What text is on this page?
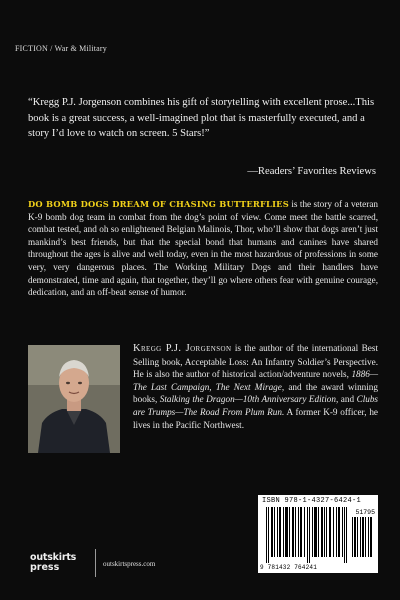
FICTION / War & Military
“Kregg P.J. Jorgenson combines his gift of storytelling with excellent prose...This book is a great success, a well-imagined plot that is masterfully executed, and a story I’d love to watch on screen. 5 Stars!”
—Readers’ Favorites Reviews
DO BOMB DOGS DREAM OF CHASING BUTTERFLIES is the story of a veteran K-9 bomb dog team in combat from the dog’s point of view. Come meet the battle scarred, combat tested, and oh so enlightened Belgian Malinois, Thor, who’ll show that dogs aren’t just mankind’s best friends, but that the special bond that humans and canines have shared throughout the ages is alive and well today, even in the most hazardous of professions in some very, very dangerous places. The Working Military Dogs and their handlers have demonstrated, time and again, that together, they’ll go where others fear with genuine courage, dedication, and an off-beat sense of humor.
Kregg P.J. Jorgenson is the author of the international Best Selling book, Acceptable Loss: An Infantry Soldier’s Perspective. He is also the author of historical action/adventure novels, 1886—The Last Campaign, The Next Mirage, and the award winning books, Stalking the Dragon—10th Anniversary Edition, and Clubs are Trumps—The Road From Plum Run. A former K-9 officer, he lives in the Pacific Northwest.
ISBN 978-1-4327-6424-1
51795
9 781432 764241
outskirts
press	outskirtspress.com
